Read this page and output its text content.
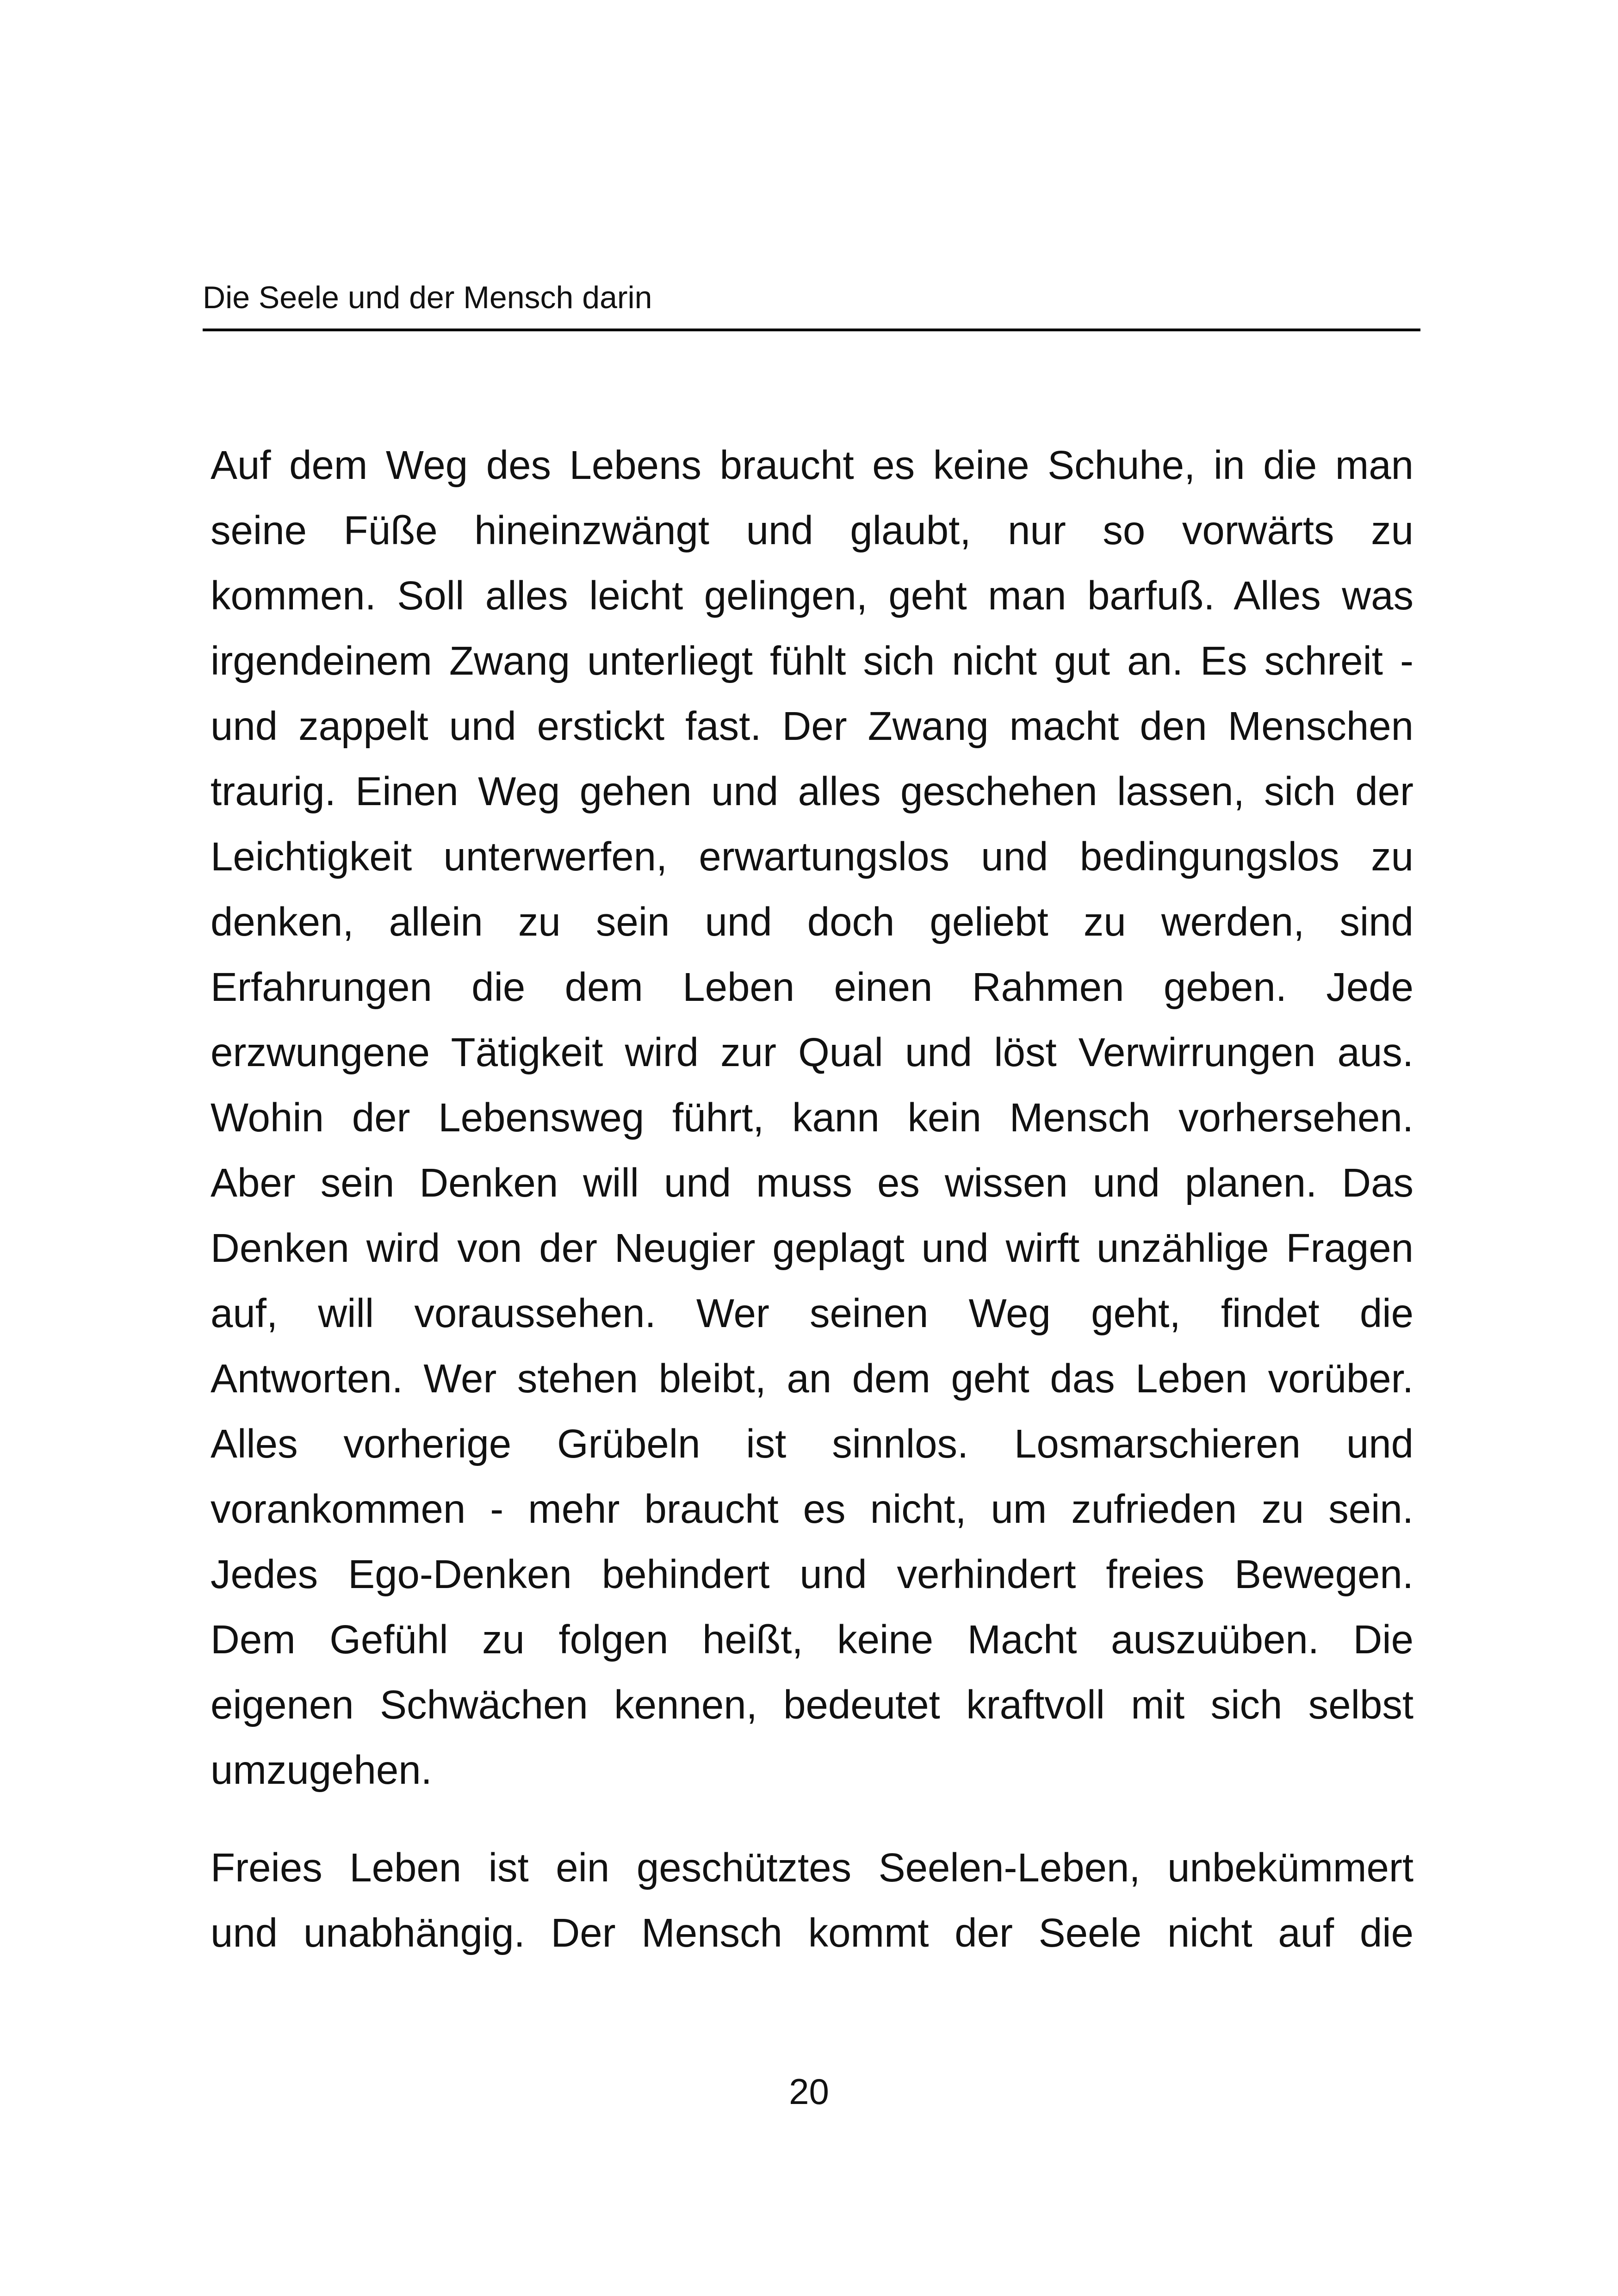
Die Seele und der Mensch darin

Auf dem Weg des Lebens braucht es keine Schuhe, in die man
seine Füße hineinzwängt und glaubt, nur so vorwärts zu
kommen. Soll alles leicht gelingen, geht man barfuß. Alles was
irgendeinem Zwang unterliegt fühlt sich nicht gut an. Es schreit -
und zappelt und erstickt fast. Der Zwang macht den Menschen
traurig. Einen Weg gehen und alles geschehen lassen, sich der
Leichtigkeit unterwerfen, erwartungslos und bedingungslos zu
denken, allein zu sein und doch geliebt zu werden, sind
Erfahrungen die dem Leben einen Rahmen geben. Jede
erzwungene Tätigkeit wird zur Qual und löst Verwirrungen aus.
Wohin der Lebensweg führt, kann kein Mensch vorhersehen.
Aber sein Denken will und muss es wissen und planen. Das
Denken wird von der Neugier geplagt und wirft unzählige Fragen
auf, will voraussehen. Wer seinen Weg geht, findet die
Antworten. Wer stehen bleibt, an dem geht das Leben vorüber.
Alles vorherige Grübeln ist sinnlos. Losmarschieren und
vorankommen - mehr braucht es nicht, um zufrieden zu sein.
Jedes Ego-Denken behindert und verhindert freies Bewegen.
Dem Gefühl zu folgen heißt, keine Macht auszuüben. Die
eigenen Schwächen kennen, bedeutet kraftvoll mit sich selbst
umzugehen.

Freies Leben ist ein geschütztes Seelen-Leben, unbekümmert
und unabhängig. Der Mensch kommt der Seele nicht auf die

20
